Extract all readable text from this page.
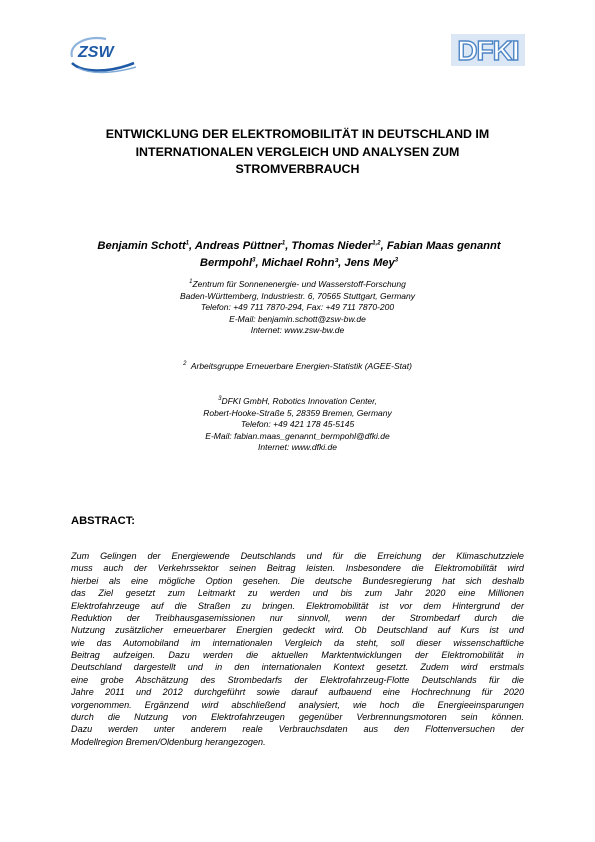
ZSW	DFKI
ENTWICKLUNG DER ELEKTROMOBILITÄT IN DEUTSCHLAND IM
INTERNATIONALEN VERGLEICH UND ANALYSEN ZUM
STROMVERBRAUCH
Benjamin Schott$^1$, Andreas Püttner$^1$, Thomas Nieder$^{1,2}$, Fabian Maas genannt Bermpohl$^3$, Michael Rohn³, Jens Mey$^3$
$^1$Zentrum für Sonnenenergie- und Wasserstoff-Forschung
Baden-Württemberg, Industriestr. 6, 70565 Stuttgart, Germany
Telefon: +49 711 7870-294, Fax: +49 711 7870-200
E-Mail: benjamin.schott@zsw-bw.de
Internet: www.zsw-bw.de
$^2$ Arbeitsgruppe Erneuerbare Energien-Statistik (AGEE-Stat)
$^3$DFKI GmbH, Robotics Innovation Center,
Robert-Hooke-Straße 5, 28359 Bremen, Germany
Telefon: +49 421 178 45-5145
E-Mail: fabian.maas_genannt_bermpohl@dfki.de
Internet: www.dfki.de
ABSTRACT:
Zum Gelingen der Energiewende Deutschlands und für die Erreichung der Klimaschutzziele
muss auch der Verkehrssektor seinen Beitrag leisten. Insbesondere die Elektromobilität wird
hierbei als eine mögliche Option gesehen. Die deutsche Bundesregierung hat sich deshalb
das Ziel gesetzt zum Leitmarkt zu werden und bis zum Jahr 2020 eine Millionen
Elektrofahrzeuge auf die Straßen zu bringen. Elektromobilität ist vor dem Hintergrund der
Reduktion der Treibhausgasemissionen nur sinnvoll, wenn der Strombedarf durch die
Nutzung zusätzlicher erneuerbarer Energien gedeckt wird. Ob Deutschland auf Kurs ist und
wie das Automobiland im internationalen Vergleich da steht, soll dieser wissenschaftliche
Beitrag aufzeigen. Dazu werden die aktuellen Marktentwicklungen der Elektromobilität in
Deutschland dargestellt und in den internationalen Kontext gesetzt. Zudem wird erstmals
eine grobe Abschätzung des Strombedarfs der Elektrofahrzeug-Flotte Deutschlands für die
Jahre 2011 und 2012 durchgeführt sowie darauf aufbauend eine Hochrechnung für 2020
vorgenommen. Ergänzend wird abschließend analysiert, wie hoch die Energieeinsparungen
durch die Nutzung von Elektrofahrzeugen gegenüber Verbrennungsmotoren sein können.
Dazu werden unter anderem reale Verbrauchsdaten aus den Flottenversuchen der
Modellregion Bremen/Oldenburg herangezogen.
